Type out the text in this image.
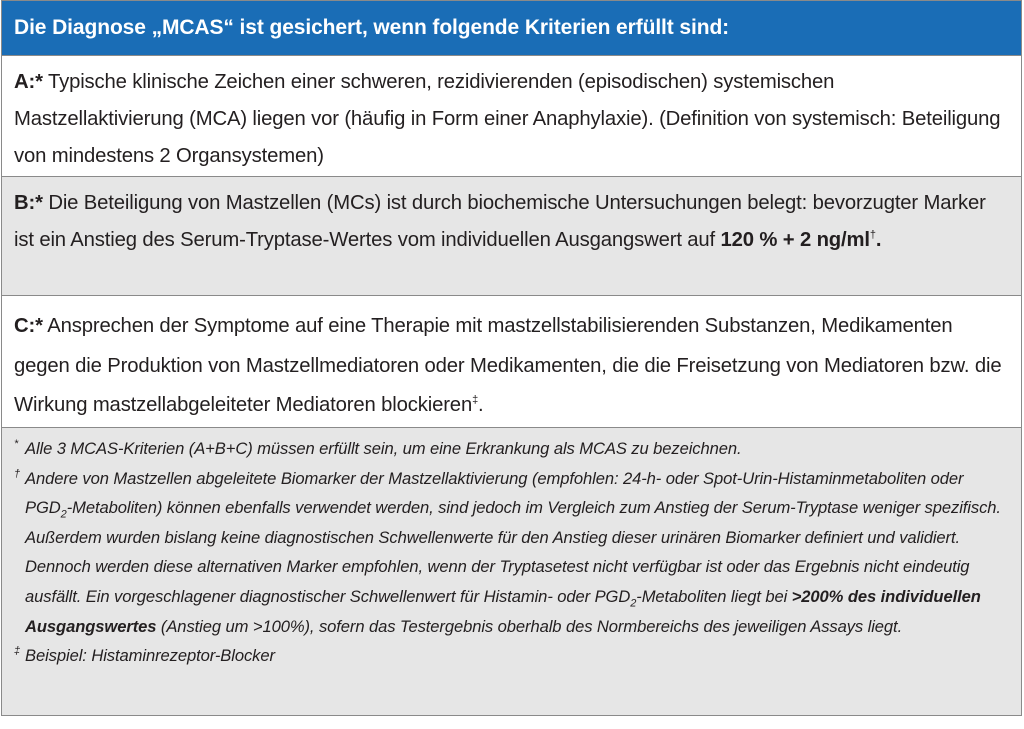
Die Diagnose „MCAS“ ist gesichert, wenn folgende Kriterien erfüllt sind:
A:* Typische klinische Zeichen einer schweren, rezidivierenden (episodischen) systemischen Mastzellaktivierung (MCA) liegen vor (häufig in Form einer Anaphylaxie). (Definition von systemisch: Beteiligung von mindestens 2 Organsystemen)
B:* Die Beteiligung von Mastzellen (MCs) ist durch biochemische Untersuchungen belegt: bevorzugter Marker ist ein Anstieg des Serum-Tryptase-Wertes vom individuellen Ausgangswert auf 120 % + 2 ng/ml†.
C:* Ansprechen der Symptome auf eine Therapie mit mastzellstabilisierenden Substanzen, Medikamenten gegen die Produktion von Mastzellmediatoren oder Medikamenten, die die Freisetzung von Mediatoren bzw. die Wirkung mastzellabgeleiteter Mediatoren blockieren‡.
* Alle 3 MCAS-Kriterien (A+B+C) müssen erfüllt sein, um eine Erkrankung als MCAS zu bezeichnen.
† Andere von Mastzellen abgeleitete Biomarker der Mastzellaktivierung (empfohlen: 24-h- oder Spot-Urin-Histaminmetaboliten oder $PGD_2-Metaboliten$) können ebenfalls verwendet werden, sind jedoch im Vergleich zum Anstieg der Serum-Tryptase weniger spezifisch. Außerdem wurden bislang keine diagnostischen Schwellenwerte für den Anstieg dieser urinären Biomarker definiert und validiert. Dennoch werden diese alternativen Marker empfohlen, wenn der Tryptasetest nicht verfügbar ist oder das Ergebnis nicht eindeutig ausfällt. Ein vorgeschlagener diagnostischer Schwellenwert für Histamin- oder $PGD_2$-Metaboliten liegt bei >200% des individuellen Ausgangswertes (Anstieg um >100%), sofern das Testergebnis oberhalb des Normbereichs des jeweiligen Assays liegt.
‡ Beispiel: Histaminrezeptor-Blocker
